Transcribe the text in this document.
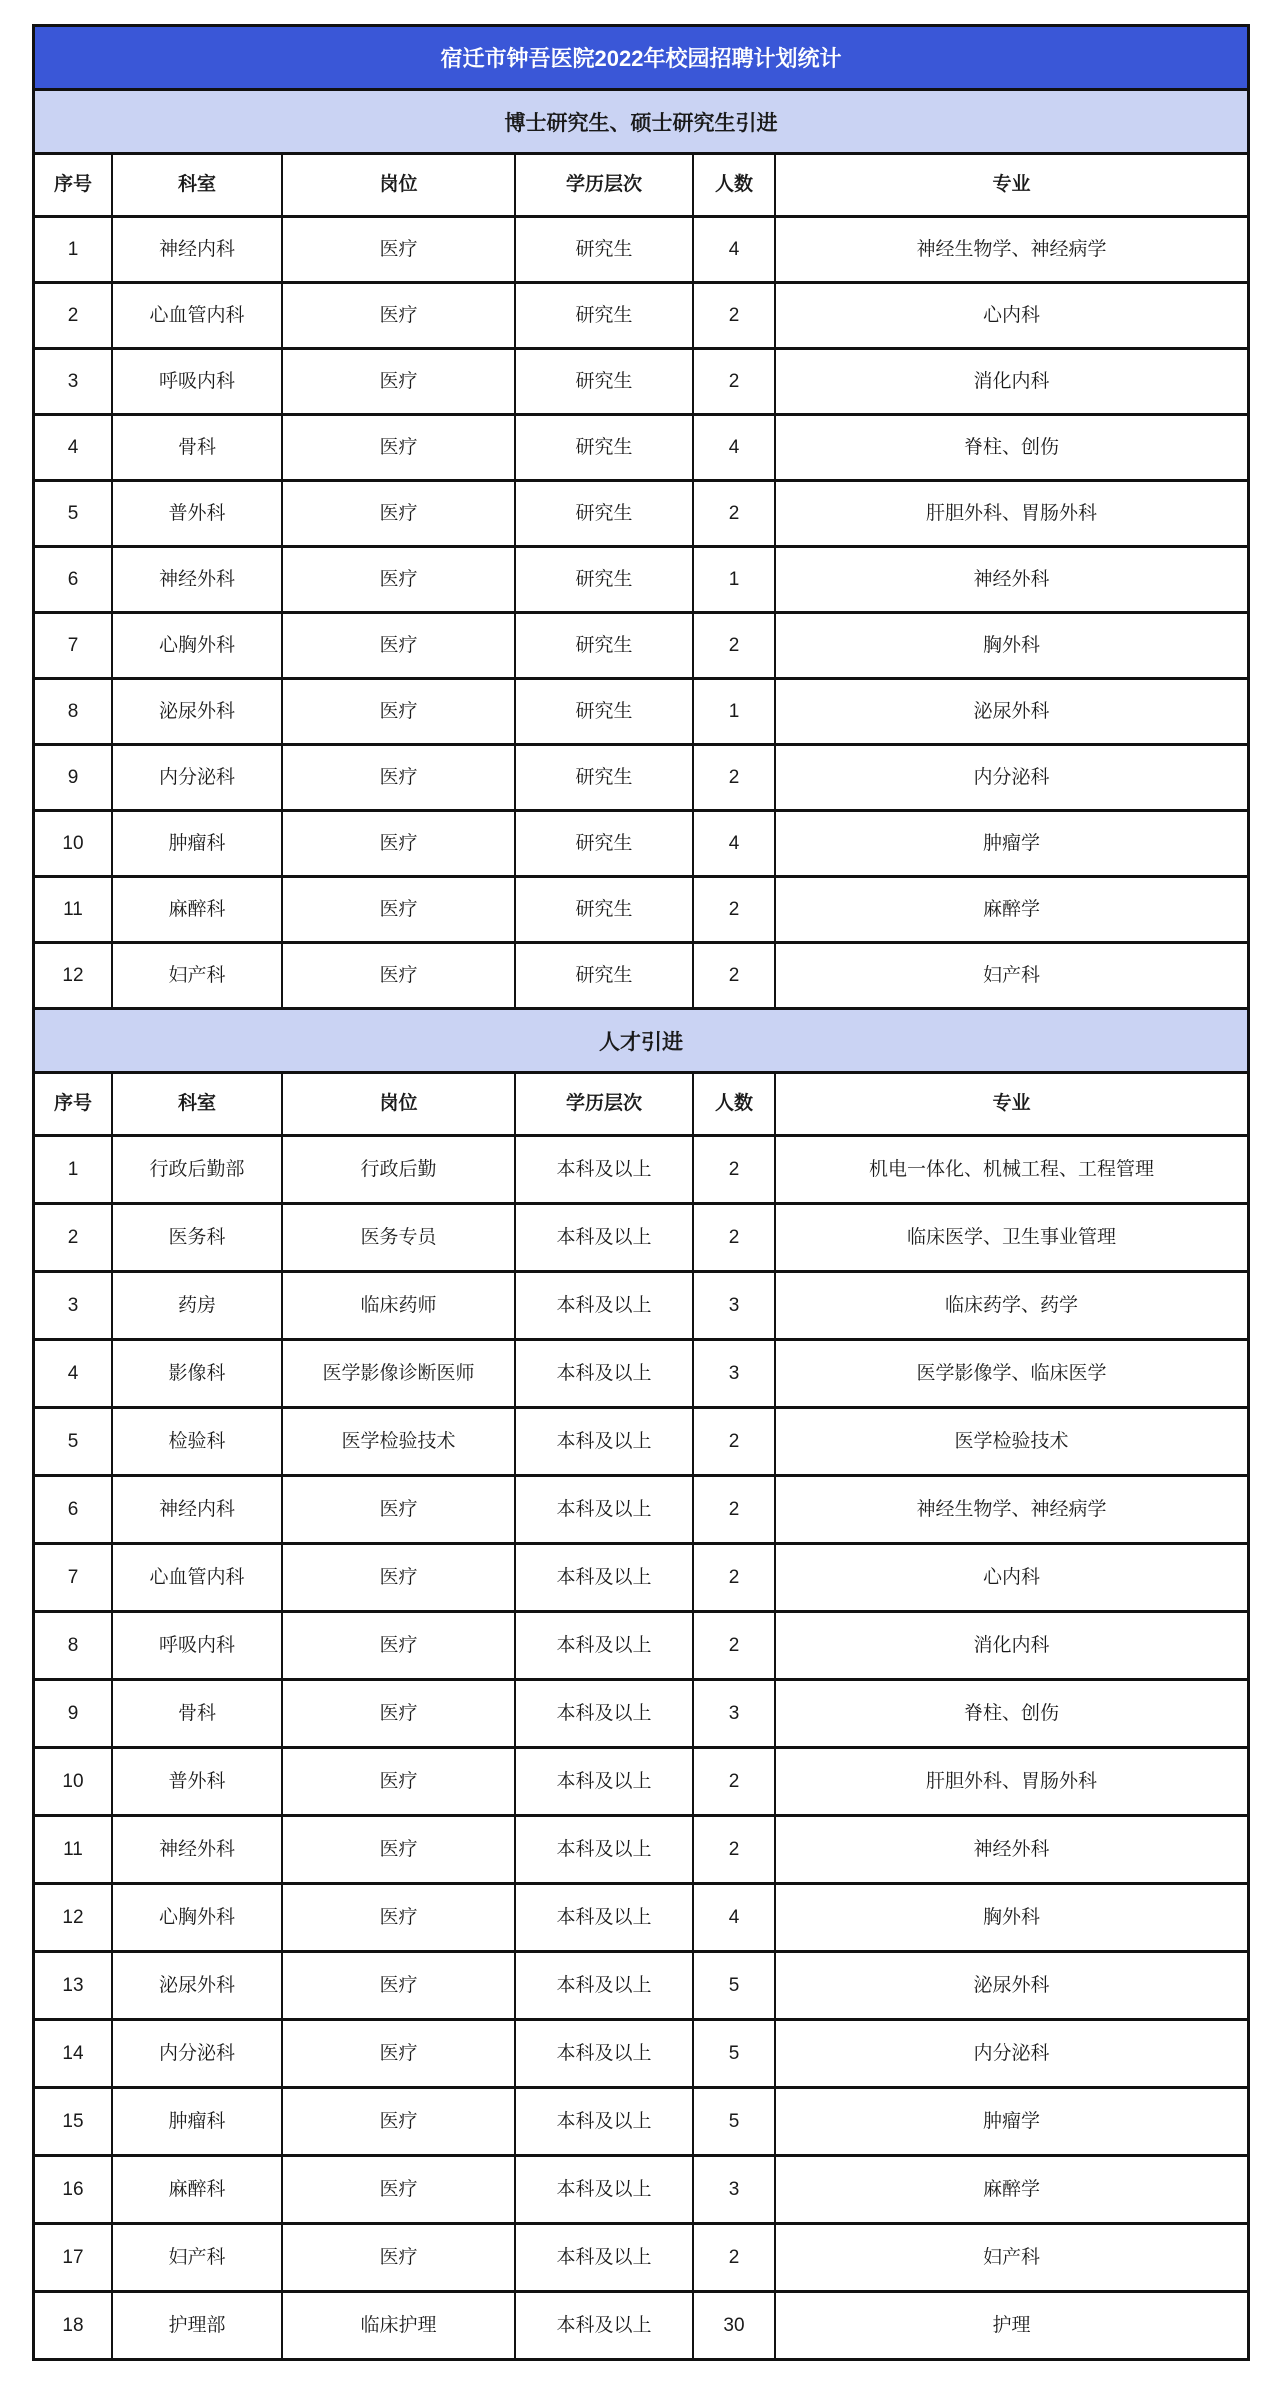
宿迁市钟吾医院2022年校园招聘计划统计
博士研究生、硕士研究生引进
序号	科室	岗位	学历层次	人数	专业
1	神经内科	医疗	研究生	4	神经生物学、神经病学
2	心血管内科	医疗	研究生	2	心内科
3	呼吸内科	医疗	研究生	2	消化内科
4	骨科	医疗	研究生	4	脊柱、创伤
5	普外科	医疗	研究生	2	肝胆外科、胃肠外科
6	神经外科	医疗	研究生	1	神经外科
7	心胸外科	医疗	研究生	2	胸外科
8	泌尿外科	医疗	研究生	1	泌尿外科
9	内分泌科	医疗	研究生	2	内分泌科
10	肿瘤科	医疗	研究生	4	肿瘤学
11	麻醉科	医疗	研究生	2	麻醉学
12	妇产科	医疗	研究生	2	妇产科
人才引进
序号	科室	岗位	学历层次	人数	专业
1	行政后勤部	行政后勤	本科及以上	2	机电一体化、机械工程、工程管理
2	医务科	医务专员	本科及以上	2	临床医学、卫生事业管理
3	药房	临床药师	本科及以上	3	临床药学、药学
4	影像科	医学影像诊断医师	本科及以上	3	医学影像学、临床医学
5	检验科	医学检验技术	本科及以上	2	医学检验技术
6	神经内科	医疗	本科及以上	2	神经生物学、神经病学
7	心血管内科	医疗	本科及以上	2	心内科
8	呼吸内科	医疗	本科及以上	2	消化内科
9	骨科	医疗	本科及以上	3	脊柱、创伤
10	普外科	医疗	本科及以上	2	肝胆外科、胃肠外科
11	神经外科	医疗	本科及以上	2	神经外科
12	心胸外科	医疗	本科及以上	4	胸外科
13	泌尿外科	医疗	本科及以上	5	泌尿外科
14	内分泌科	医疗	本科及以上	5	内分泌科
15	肿瘤科	医疗	本科及以上	5	肿瘤学
16	麻醉科	医疗	本科及以上	3	麻醉学
17	妇产科	医疗	本科及以上	2	妇产科
18	护理部	临床护理	本科及以上	30	护理
